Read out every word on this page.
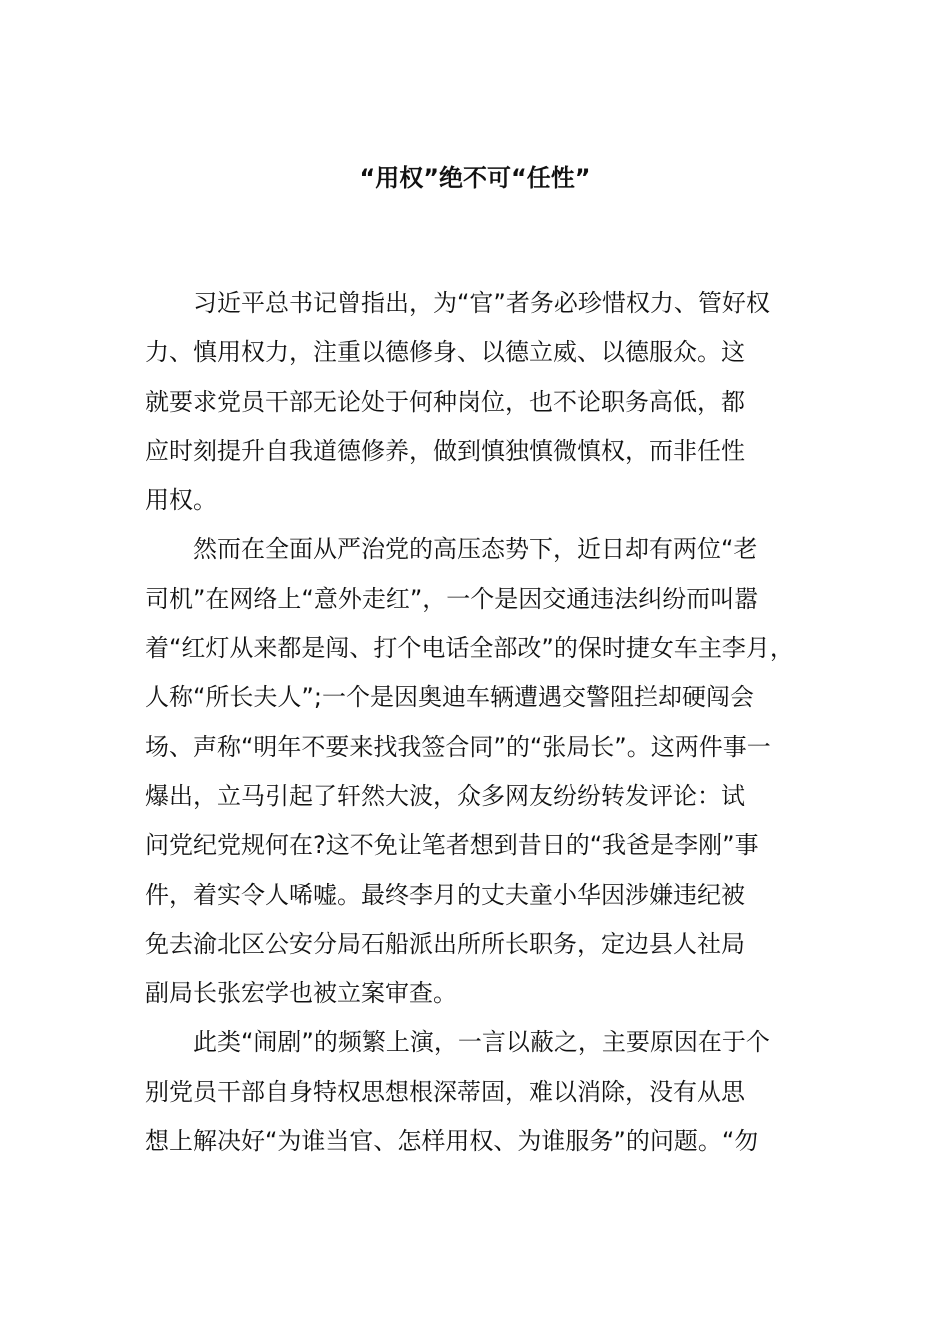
“用权”绝不可“任性”
习近平总书记曾指出，为“官”者务必珍惜权力、管好权
力、慎用权力，注重以德修身、以德立威、以德服众。这
就要求党员干部无论处于何种岗位，也不论职务高低，都
应时刻提升自我道德修养，做到慎独慎微慎权，而非任性
用权。
然而在全面从严治党的高压态势下，近日却有两位“老
司机”在网络上“意外走红”，一个是因交通违法纠纷而叫嚣
着“红灯从来都是闯、打个电话全部改”的保时捷女车主李月，
人称“所长夫人”;一个是因奥迪车辆遭遇交警阻拦却硬闯会
场、声称“明年不要来找我签合同”的“张局长”。这两件事一
爆出，立马引起了轩然大波，众多网友纷纷转发评论：试
问党纪党规何在?这不免让笔者想到昔日的“我爸是李刚”事
件，着实令人唏嘘。最终李月的丈夫童小华因涉嫌违纪被
免去渝北区公安分局石船派出所所长职务，定边县人社局
副局长张宏学也被立案审查。
此类“闹剧”的频繁上演，一言以蔽之，主要原因在于个
别党员干部自身特权思想根深蒂固，难以消除，没有从思
想上解决好“为谁当官、怎样用权、为谁服务”的问题。“勿
